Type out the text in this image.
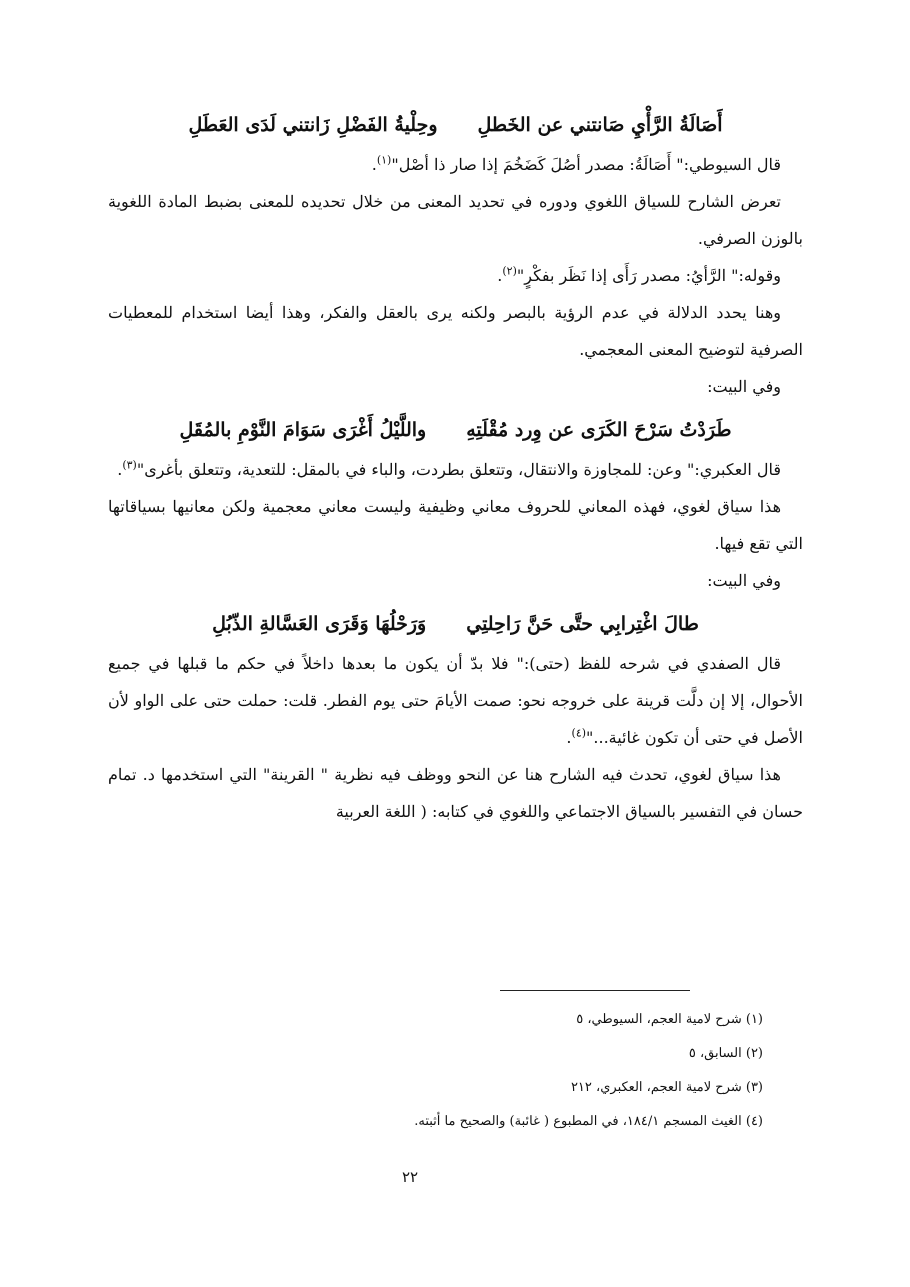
أَصَالَةُ الرَّأْيِ صَانتني عن الخَطلِ
وحِلْيةُ الفَضْلِ زَانتني لَدَى العَطَلِ

قال السيوطي:" أَصَالَةُ: مصدر أصُلَ كَضَخُمَ إذا صار ذا أصْل"$^{(١)}$.

تعرض الشارح للسياق اللغوي ودوره في تحديد المعنى من خلال تحديده للمعنى بضبط المادة اللغوية بالوزن الصرفي.

وقوله:" الرَّأيُ: مصدر رَأَى إذا نَظَر بفكْرٍ"$^{(٢)}$.

وهنا يحدد الدلالة في عدم الرؤية بالبصر ولكنه يرى بالعقل والفكر، وهذا أيضا استخدام للمعطيات الصرفية لتوضيح المعنى المعجمي.

وفي البيت:

طَرَدْتُ سَرْحَ الكَرَى عن وِرد مُقْلَتِهِ
واللَّيْلُ أَغْرَى سَوَامَ النَّوْمِ بالمُقَلِ

قال العكبري:" وعن: للمجاوزة والانتقال، وتتعلق بطردت، والباء في بالمقل: للتعدية، وتتعلق بأغرى"$^{(٣)}$.

هذا سياق لغوي، فهذه المعاني للحروف معاني وظيفية وليست معاني معجمية ولكن معانيها بسياقاتها التي تقع فيها.

وفي البيت:

طالَ اغْتِرابِي حتَّى حَنَّ رَاحِلتِي
وَرَحْلُهَا وَقَرَى العَسَّالةِ الذّبُلِ

قال الصفدي في شرحه للفظ (حتى):" فلا بدّ أن يكون ما بعدها داخلاً في حكم ما قبلها في جميع الأحوال، إلا إن دلَّت قرينة على خروجه نحو: صمت الأيامَ حتى يوم الفطر. قلت: حملت حتى على الواو لأن الأصل في حتى أن تكون غائية..."$^{(٤)}$.

هذا سياق لغوي، تحدث فيه الشارح هنا عن النحو ووظف فيه نظرية " القرينة" التي استخدمها د. تمام حسان في التفسير بالسياق الاجتماعي واللغوي في كتابه: ( اللغة العربية

(١) شرح لامية العجم، السيوطي، ٥
(٢) السابق، ٥
(٣) شرح لامية العجم، العكبري، ٢١٢
(٤) الغيث المسجم ١٨٤/١، في المطبوع ( غائبة) والصحيح ما أثبته.
٢٢
